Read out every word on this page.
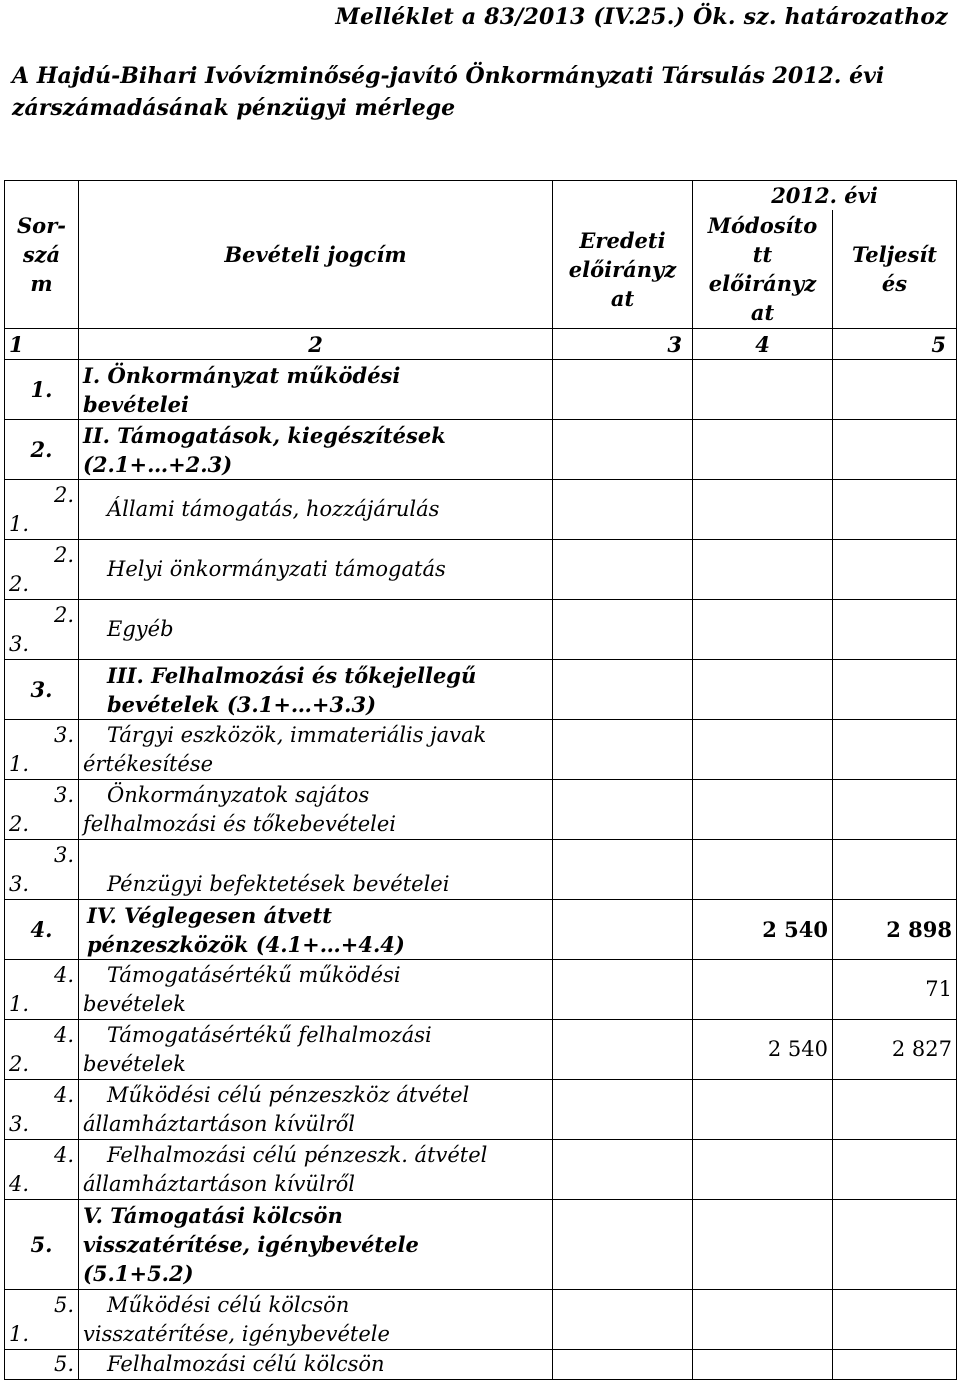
Melléklet a 83/2013 (IV.25.) Ök. sz. határozathoz
A Hajdú-Bihari Ivóvízminőség-javító Önkormányzati Társulás 2012. évi
zárszámadásának pénzügyi mérlege
Sor-
szá
m	Bevételi jogcím	Eredeti
előirányz
at	2012. évi	

			Módosíto
tt
előirányz
at	Teljesít
és

1	2	3	4	5

1.	I. Önkormányzat működési
bevételei			

2.	II. Támogatások, kiegészítések
(2.1+…+2.3)			

2.
1.	Állami támogatás, hozzájárulás			

2.
2.	Helyi önkormányzati támogatás			

2.
3.	Egyéb			

3.	III. Felhalmozási és tőkejellegű
bevételek (3.1+…+3.3)			

3.
1.	Tárgyi eszközök, immateriális javak
értékesítése			

3.
2.	Önkormányzatok sajátos
felhalmozási és tőkebevételei			

3.
3.	Pénzügyi befektetések bevételei			

4.	IV. Véglegesen átvett
pénzeszközök (4.1+…+4.4)		2 540	2 898

4.
1.	Támogatásértékű működési
bevételek			71

4.
2.	Támogatásértékű felhalmozási
bevételek		2 540	2 827

4.
3.	Működési célú pénzeszköz átvétel
államháztartáson kívülről			

4.
4.	Felhalmozási célú pénzeszk. átvétel
államháztartáson kívülről			

5.	V. Támogatási kölcsön
visszatérítése, igénybevétele
(5.1+5.2)			

5.
1.	Működési célú kölcsön
visszatérítése, igénybevétele			

5.	Felhalmozási célú kölcsön			
